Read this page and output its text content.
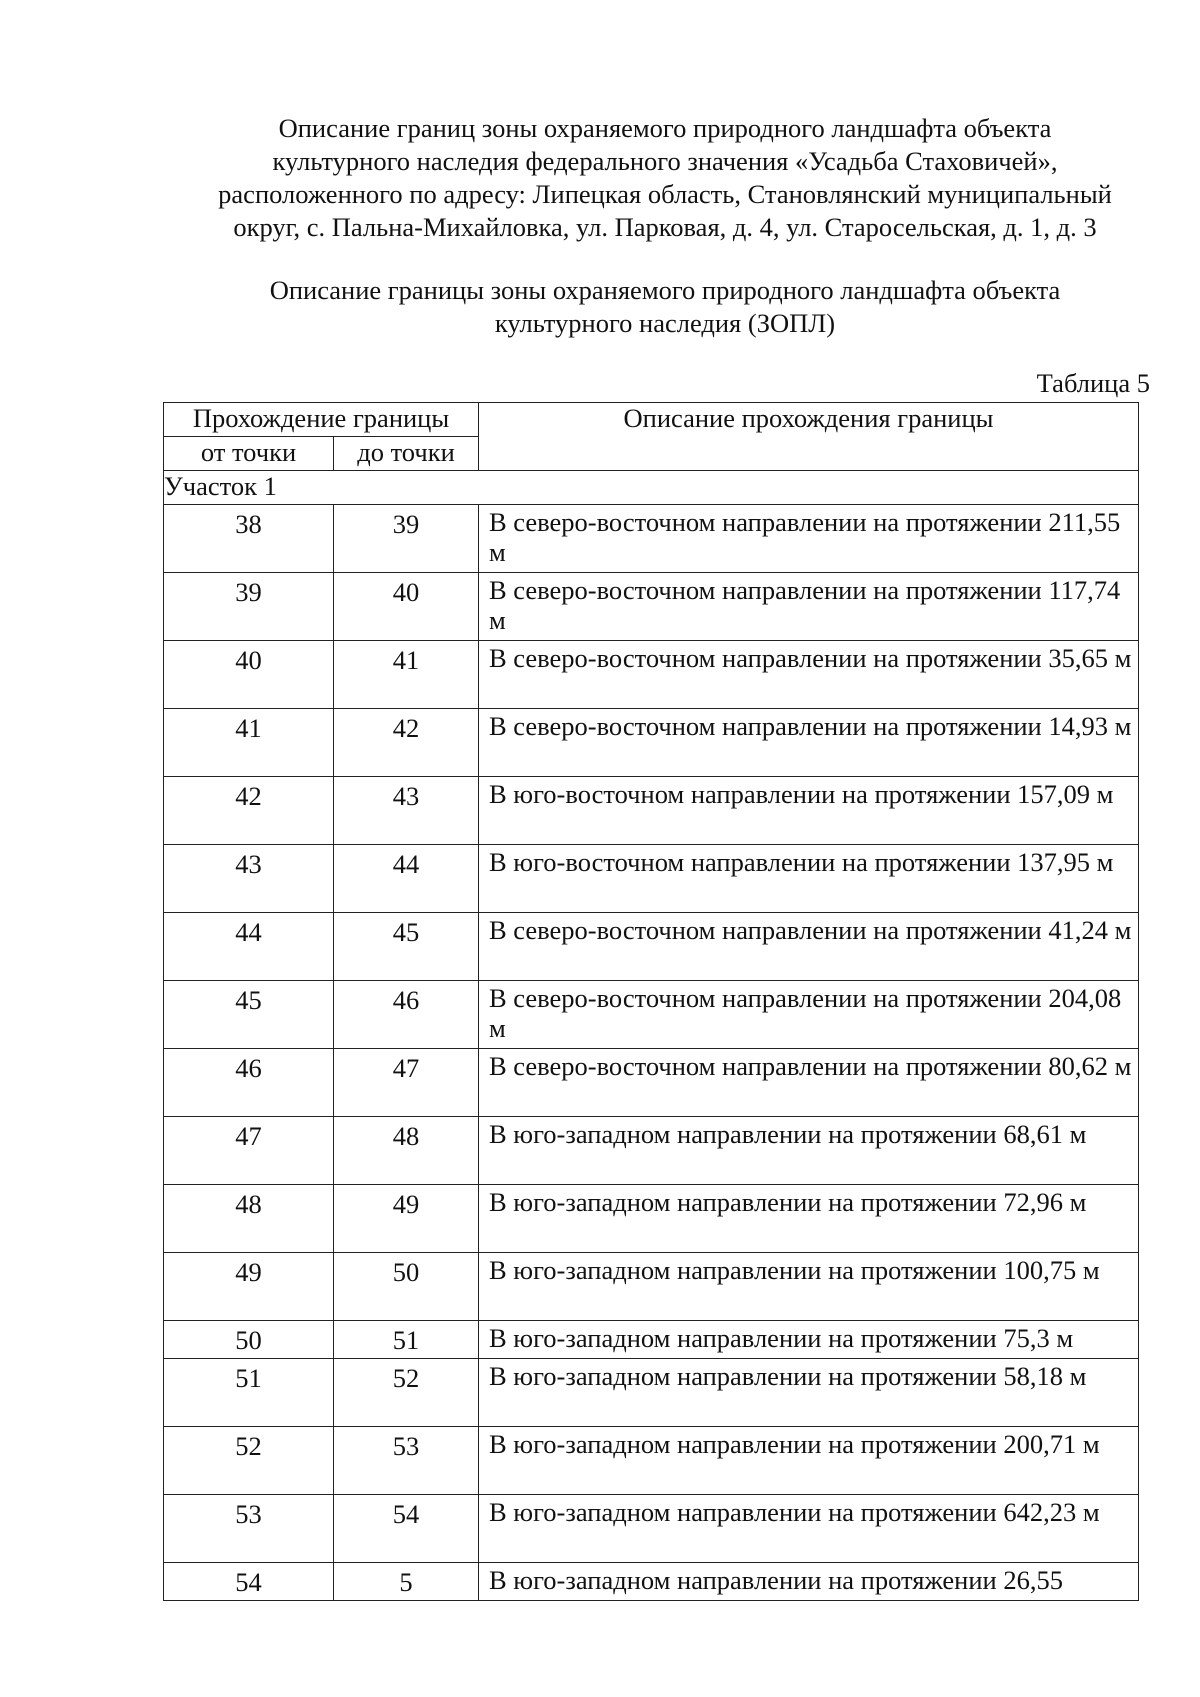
Описание границ зоны охраняемого природного ландшафта объекта
культурного наследия федерального значения «Усадьба Стаховичей»,
расположенного по адресу: Липецкая область, Становлянский муниципальный
округ, с. Пальна-Михайловка, ул. Парковая, д. 4, ул. Старосельская, д. 1, д. 3
Описание границы зоны охраняемого природного ландшафта объекта
культурного наследия (ЗОПЛ)
Таблица 5
Прохождение границы		Описание прохождения границы
от точки	до точки	
Участок 1		
38	39	В северо-восточном направлении на протяжении 211,55 м
39	40	В северо-восточном направлении на протяжении 117,74 м
40	41	В северо-восточном направлении на протяжении 35,65 м
41	42	В северо-восточном направлении на протяжении 14,93 м
42	43	В юго-восточном направлении на протяжении 157,09 м
43	44	В юго-восточном направлении на протяжении 137,95 м
44	45	В северо-восточном направлении на протяжении 41,24 м
45	46	В северо-восточном направлении на протяжении 204,08 м
46	47	В северо-восточном направлении на протяжении 80,62 м
47	48	В юго-западном направлении на протяжении 68,61 м
48	49	В юго-западном направлении на протяжении 72,96 м
49	50	В юго-западном направлении на протяжении 100,75 м
50	51	В юго-западном направлении на протяжении 75,3 м
51	52	В юго-западном направлении на протяжении 58,18 м
52	53	В юго-западном направлении на протяжении 200,71 м
53	54	В юго-западном направлении на протяжении 642,23 м
54	5	В юго-западном направлении на протяжении 26,55
